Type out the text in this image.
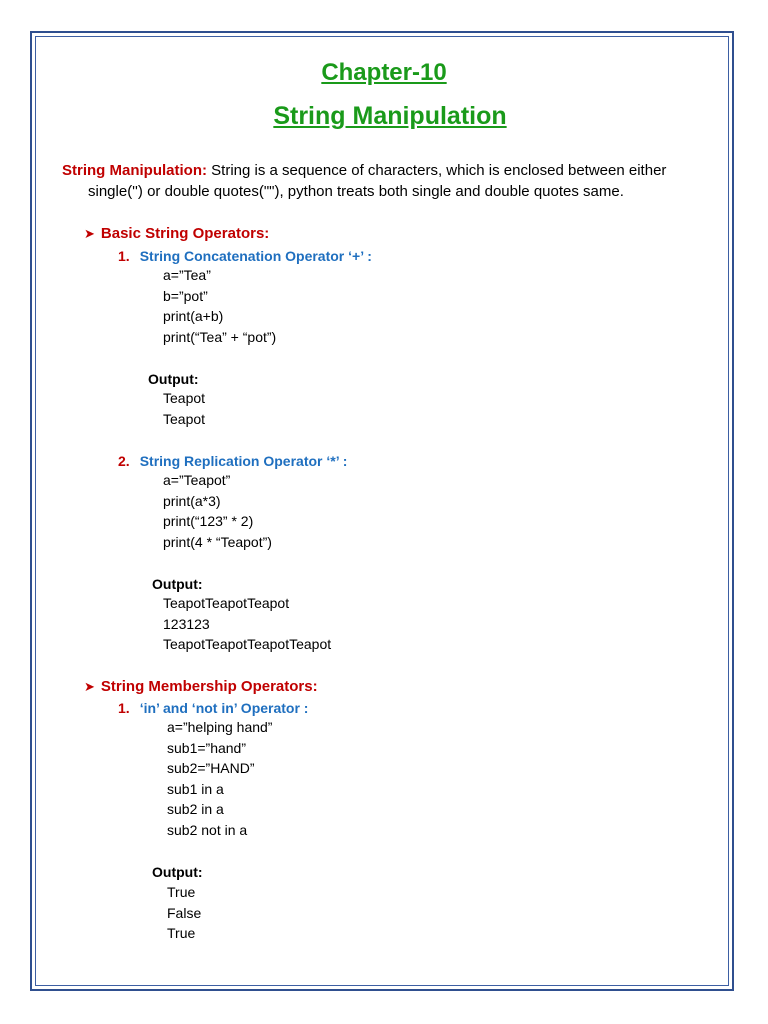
Chapter-10
String Manipulation
String Manipulation: String is a sequence of characters, which is enclosed between either
single('') or double quotes(""), python treats both single and double quotes same.
➤ Basic String Operators:
1. String Concatenation Operator ‘+’ :
a=”Tea”
b=”pot”
print(a+b)
print(“Tea” + “pot”)
Output:
Teapot
Teapot
2. String Replication Operator ‘*’ :
a=”Teapot”
print(a*3)
print(“123” * 2)
print(4 * “Teapot”)
Output:
TeapotTeapotTeapot
123123
TeapotTeapotTeapotTeapot
➤ String Membership Operators:
1. ‘in’ and ‘not in’ Operator :
a=”helping hand”
sub1=”hand”
sub2=”HAND”
sub1 in a
sub2 in a
sub2 not in a
Output:
True
False
True
